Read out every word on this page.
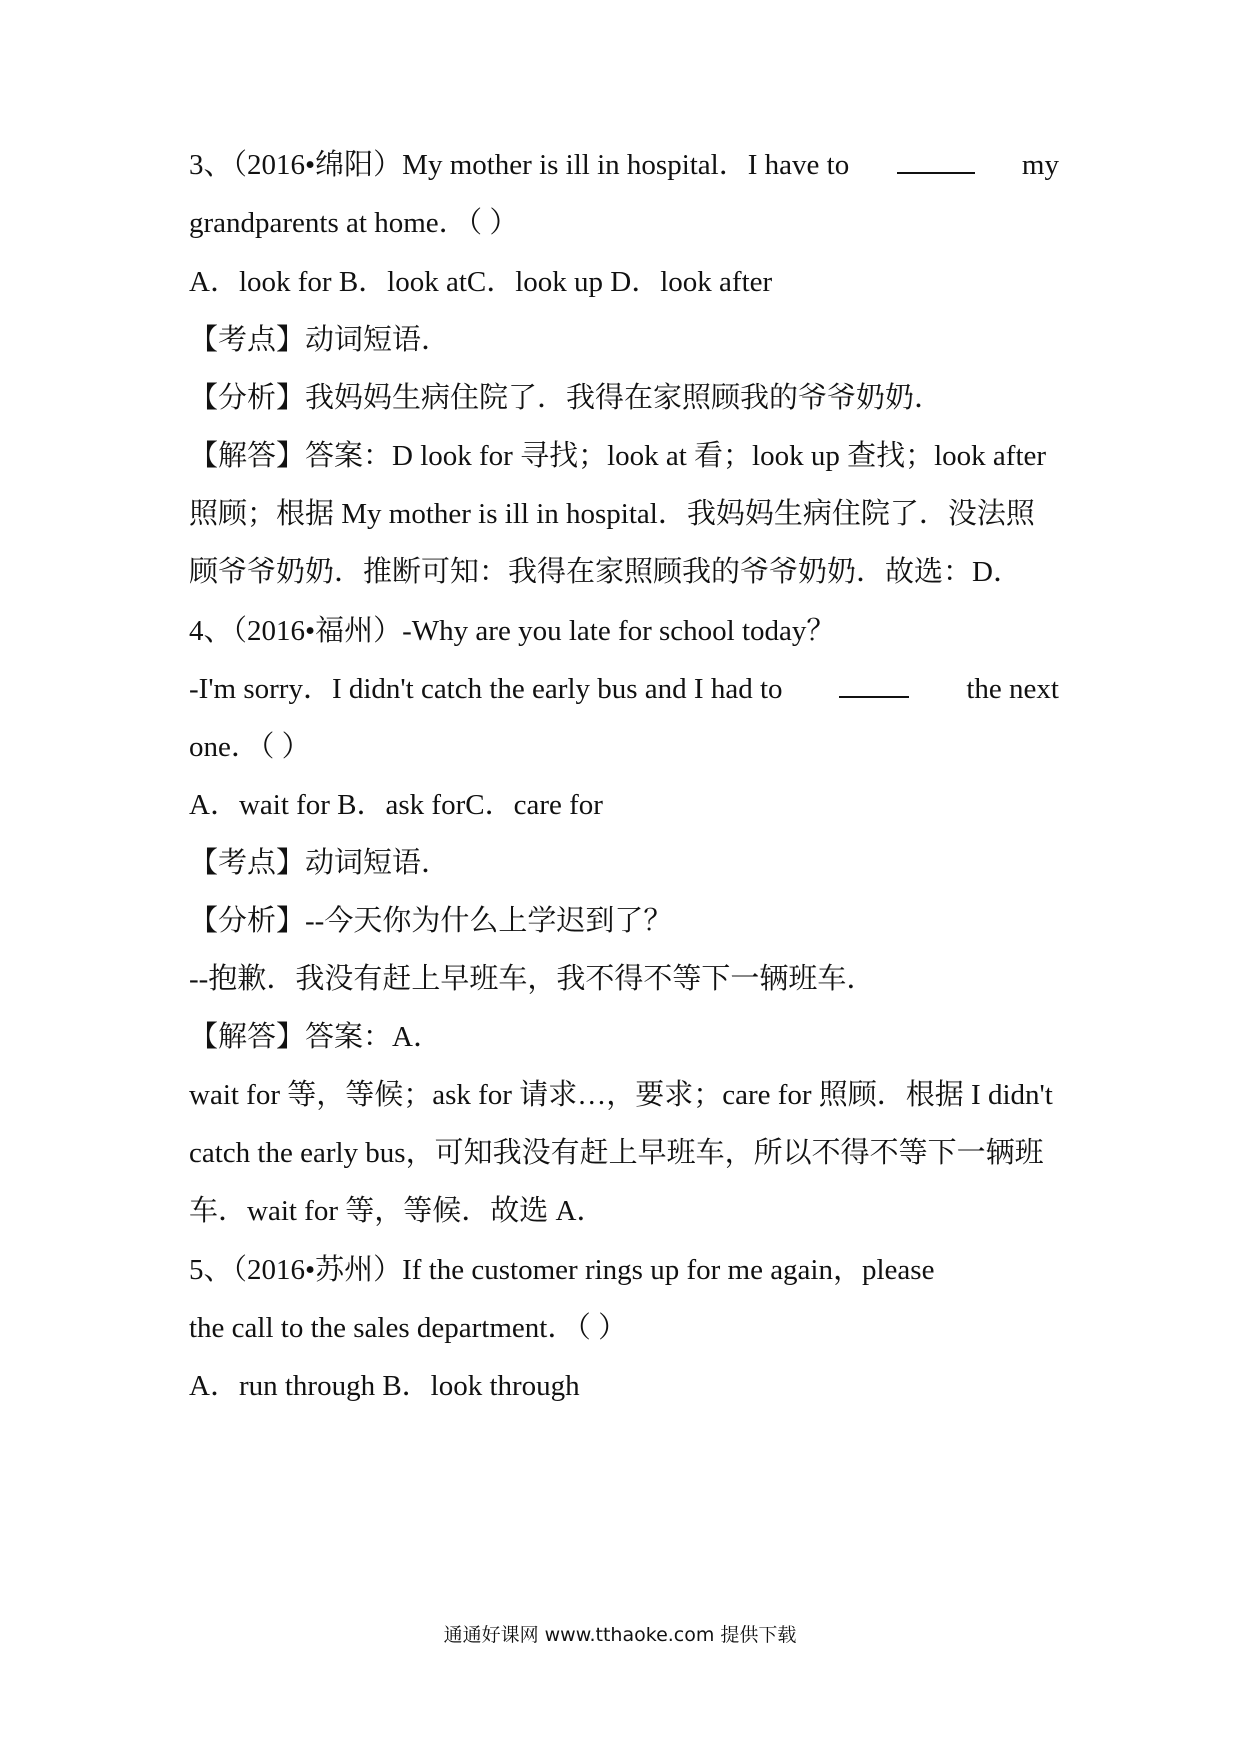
3、（2016•绵阳）My mother is ill in hospital．I have to	my
grandparents at home．（ ）
A．look for B．look atC．look up D．look after
【考点】动词短语．
【分析】我妈妈生病住院了．我得在家照顾我的爷爷奶奶．
【解答】答案：D look for 寻找；look at 看；look up 查找；look after
照顾；根据 My mother is ill in hospital．我妈妈生病住院了．没法照
顾爷爷奶奶．推断可知：我得在家照顾我的爷爷奶奶．故选：D．
4、（2016•福州）-Why are you late for school today？
-I'm sorry．I didn't catch the early bus and I had to	the next
one．（ ）
A．wait for B．ask forC．care for
【考点】动词短语．
【分析】--今天你为什么上学迟到了？
--抱歉．我没有赶上早班车，我不得不等下一辆班车．
【解答】答案：A．
wait for 等，等候；ask for 请求…，要求；care for 照顾．根据 I didn't
catch the early bus，可知我没有赶上早班车，所以不得不等下一辆班
车．wait for 等，等候．故选 A．
5、（2016•苏州）If the customer rings up for me again，please
the call to the sales department．（ ）
A．run through B．look through
通通好课网 www.tthaoke.com 提供下载
